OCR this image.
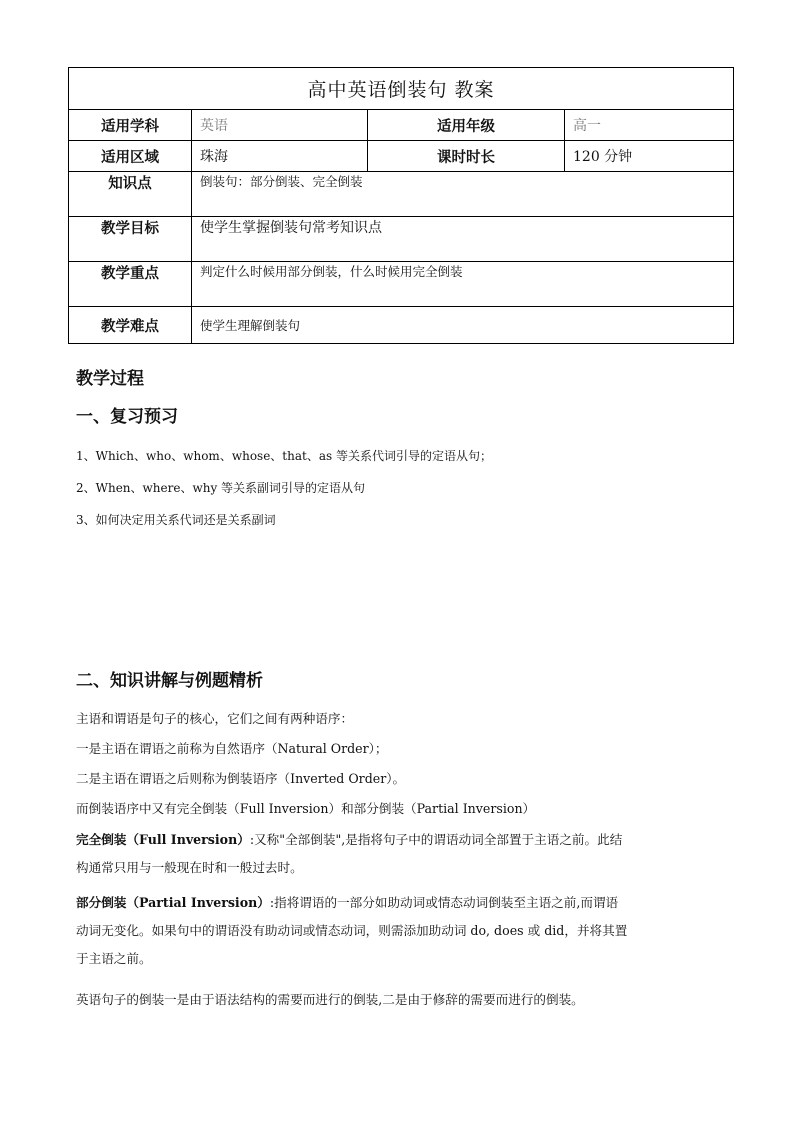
高中英语倒装句 教案			
适用学科	英语	适用年级	高一
适用区域	珠海	课时时长	120 分钟
知识点	倒装句：部分倒装、完全倒装		
教学目标	使学生掌握倒装句常考知识点		
教学重点	判定什么时候用部分倒装，什么时候用完全倒装		
教学难点	使学生理解倒装句		
教学过程
一、复习预习
1、Which、who、whom、whose、that、as 等关系代词引导的定语从句；
2、When、where、why 等关系副词引导的定语从句
3、如何决定用关系代词还是关系副词
二、知识讲解与例题精析
主语和谓语是句子的核心，它们之间有两种语序：
一是主语在谓语之前称为自然语序（Natural Order）；
二是主语在谓语之后则称为倒装语序（Inverted Order）。
而倒装语序中又有完全倒装（Full Inversion）和部分倒装（Partial Inversion）
完全倒装（Full Inversion）:又称"全部倒装",是指将句子中的谓语动词全部置于主语之前。此结
构通常只用与一般现在时和一般过去时。
部分倒装（Partial Inversion）:指将谓语的一部分如助动词或情态动词倒装至主语之前,而谓语
动词无变化。如果句中的谓语没有助动词或情态动词，则需添加助动词 do, does 或 did，并将其置
于主语之前。
英语句子的倒装一是由于语法结构的需要而进行的倒装,二是由于修辞的需要而进行的倒装。
